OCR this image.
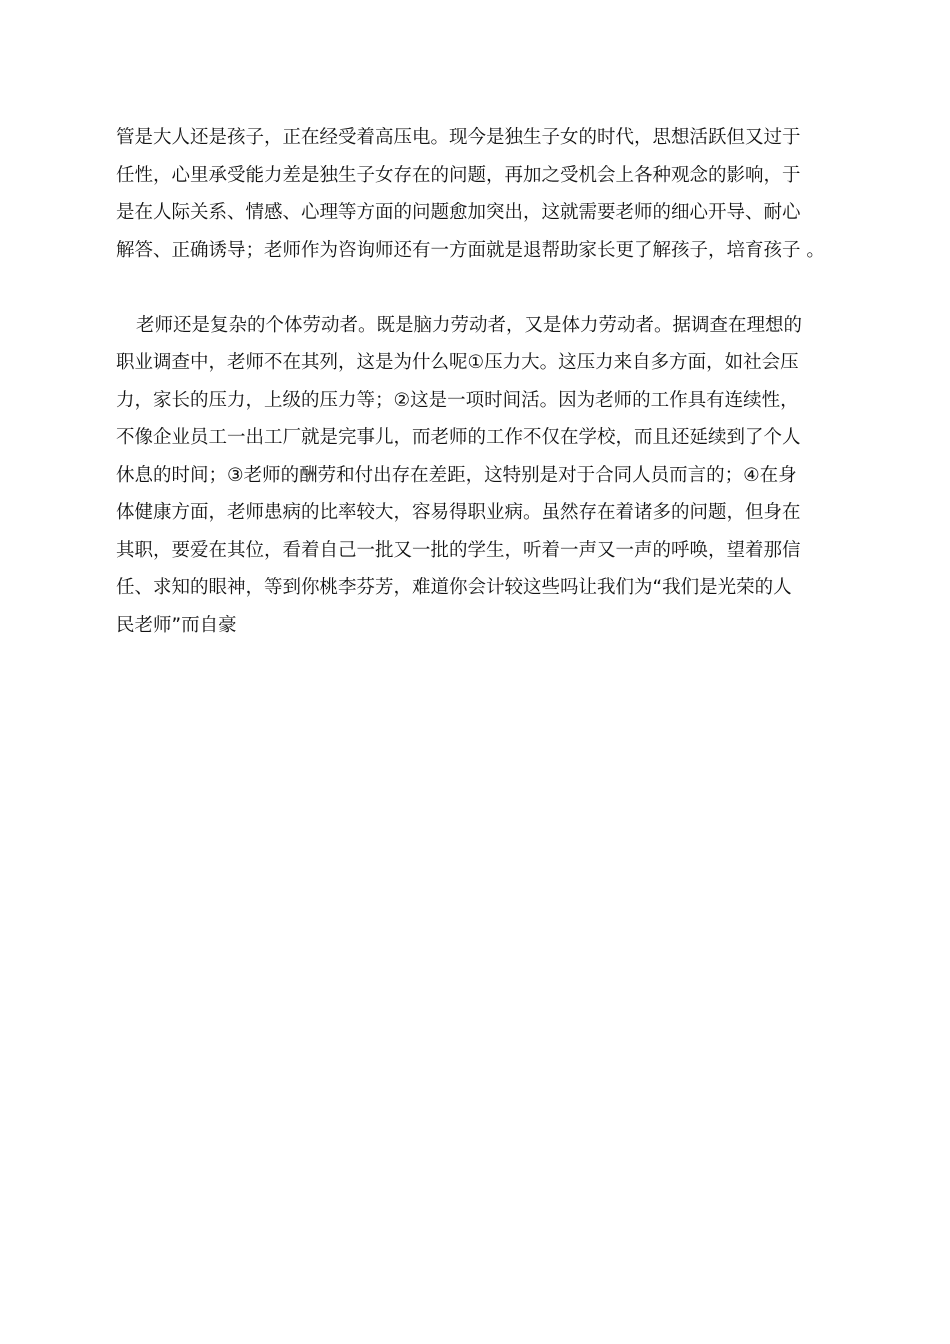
管是大人还是孩子，正在经受着高压电。现今是独生子女的时代，思想活跃但又过于

任性，心里承受能力差是独生子女存在的问题，再加之受机会上各种观念的影响，于

是在人际关系、情感、心理等方面的问题愈加突出，这就需要老师的细心开导、耐心

解答、正确诱导；老师作为咨询师还有一方面就是退帮助家长更了解孩子，培育孩子 。

老师还是复杂的个体劳动者。既是脑力劳动者，又是体力劳动者。据调查在理想的

职业调查中，老师不在其列，这是为什么呢①压力大。这压力来自多方面，如社会压

力，家长的压力，上级的压力等；②这是一项时间活。因为老师的工作具有连续性，

不像企业员工一出工厂就是完事儿，而老师的工作不仅在学校，而且还延续到了个人

休息的时间；③老师的酬劳和付出存在差距，这特别是对于合同人员而言的；④在身

体健康方面，老师患病的比率较大，容易得职业病。虽然存在着诸多的问题，但身在

其职，要爱在其位，看着自己一批又一批的学生，听着一声又一声的呼唤，望着那信

任、求知的眼神，等到你桃李芬芳，难道你会计较这些吗让我们为“我们是光荣的人

民老师”而自豪
